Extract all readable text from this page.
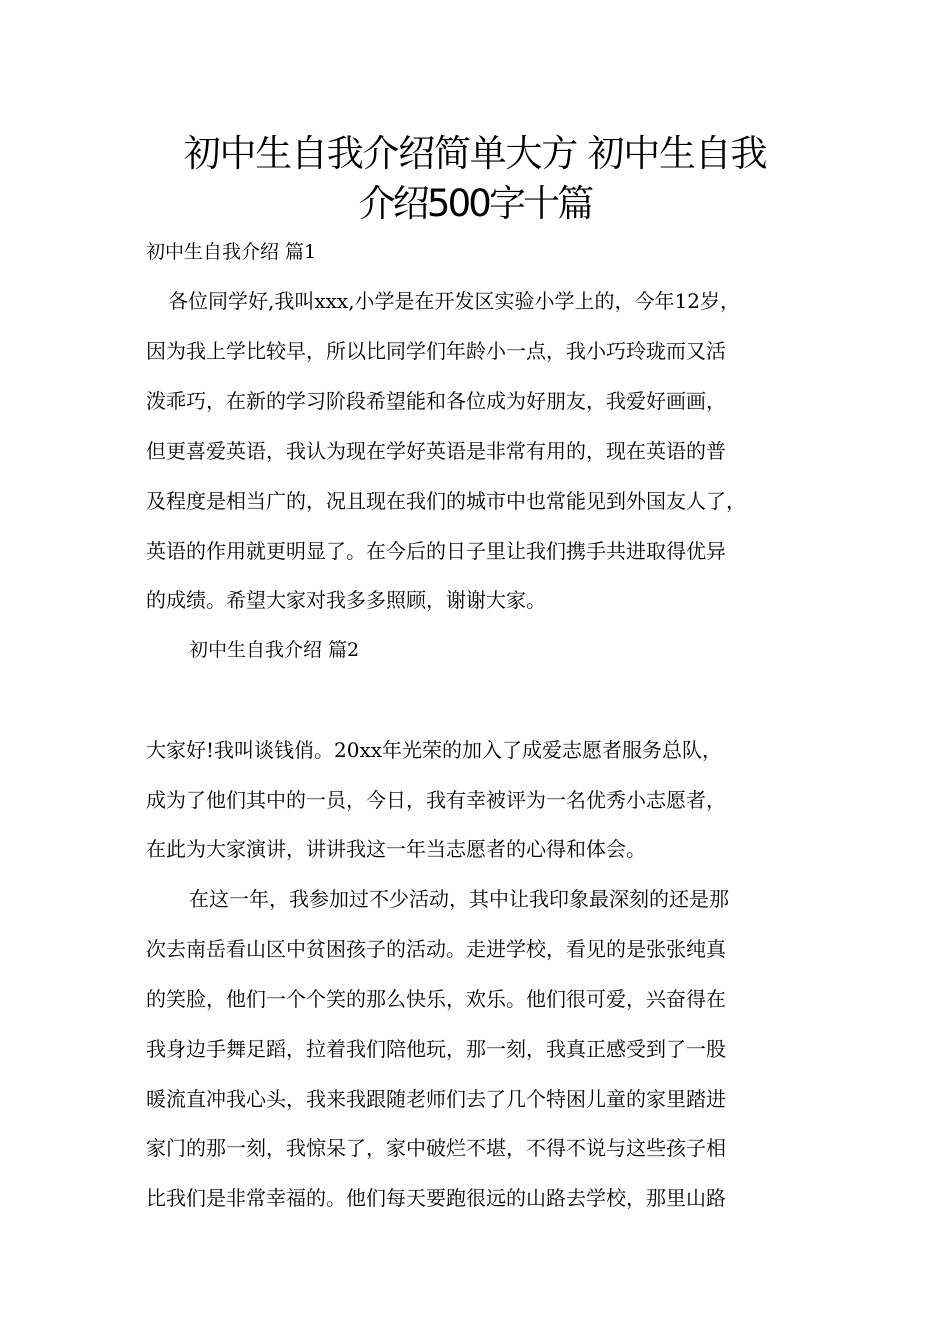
初中生自我介绍简单大方 初中生自我
介绍500字十篇

初中生自我介绍 篇1

各位同学好,我叫xxx,小学是在开发区实验小学上的，今年12岁，

因为我上学比较早，所以比同学们年龄小一点，我小巧玲珑而又活

泼乖巧，在新的学习阶段希望能和各位成为好朋友，我爱好画画，

但更喜爱英语，我认为现在学好英语是非常有用的，现在英语的普

及程度是相当广的，况且现在我们的城市中也常能见到外国友人了，

英语的作用就更明显了。在今后的日子里让我们携手共进取得优异

的成绩。希望大家对我多多照顾，谢谢大家。

初中生自我介绍 篇2

大家好!我叫谈钱俏。20xx年光荣的加入了成爱志愿者服务总队，

成为了他们其中的一员，今日，我有幸被评为一名优秀小志愿者，

在此为大家演讲，讲讲我这一年当志愿者的心得和体会。

在这一年，我参加过不少活动，其中让我印象最深刻的还是那

次去南岳看山区中贫困孩子的活动。走进学校，看见的是张张纯真

的笑脸，他们一个个笑的那么快乐，欢乐。他们很可爱，兴奋得在

我身边手舞足蹈，拉着我们陪他玩，那一刻，我真正感受到了一股

暖流直冲我心头，我来我跟随老师们去了几个特困儿童的家里踏进

家门的那一刻，我惊呆了，家中破烂不堪，不得不说与这些孩子相

比我们是非常幸福的。他们每天要跑很远的山路去学校，那里山路
